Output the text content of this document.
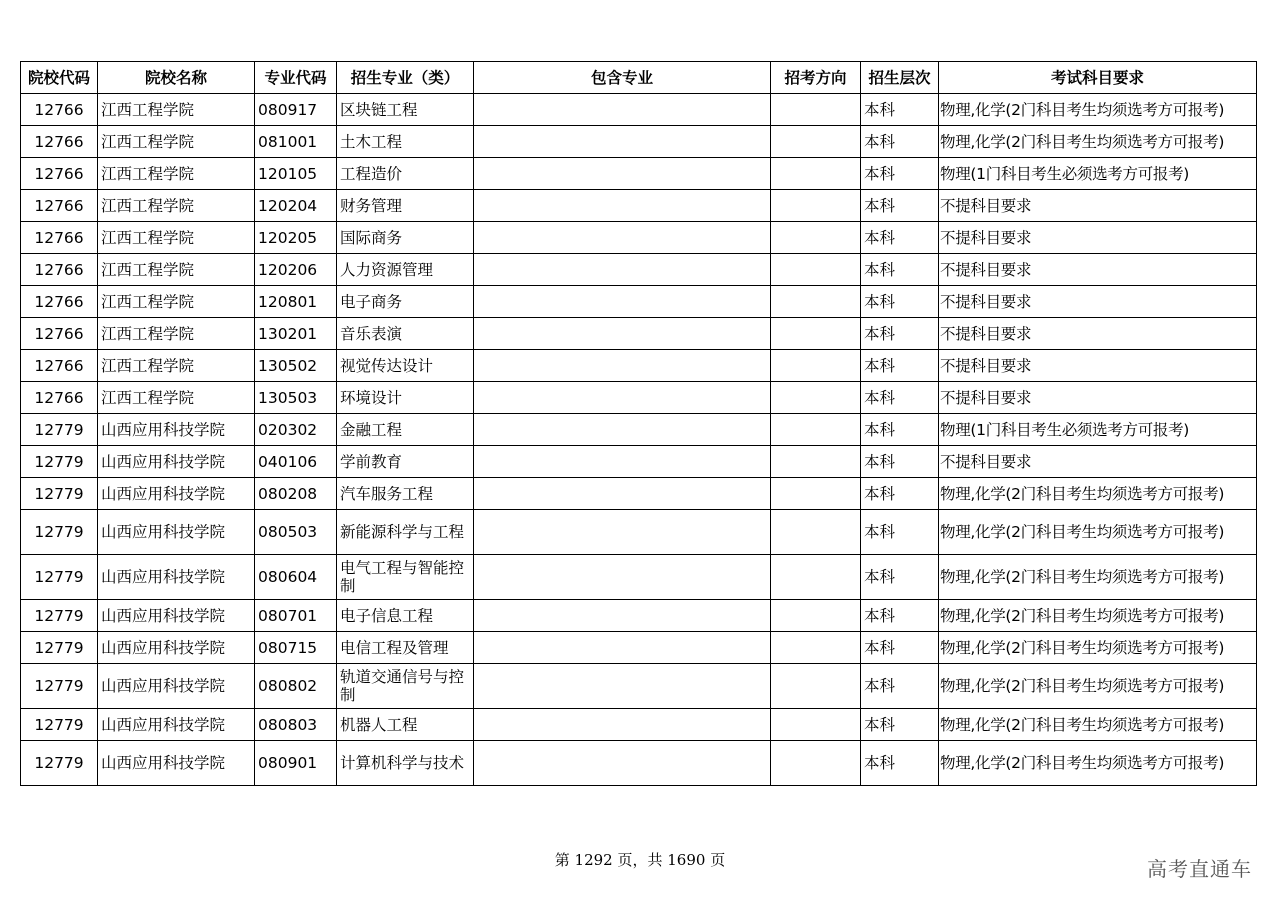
院校代码	院校名称	专业代码	招生专业（类）	包含专业	招考方向	招生层次	考试科目要求
12766	江西工程学院	080917	区块链工程			本科	物理,化学(2门科目考生均须选考方可报考)
12766	江西工程学院	081001	土木工程			本科	物理,化学(2门科目考生均须选考方可报考)
12766	江西工程学院	120105	工程造价			本科	物理(1门科目考生必须选考方可报考)
12766	江西工程学院	120204	财务管理			本科	不提科目要求
12766	江西工程学院	120205	国际商务			本科	不提科目要求
12766	江西工程学院	120206	人力资源管理			本科	不提科目要求
12766	江西工程学院	120801	电子商务			本科	不提科目要求
12766	江西工程学院	130201	音乐表演			本科	不提科目要求
12766	江西工程学院	130502	视觉传达设计			本科	不提科目要求
12766	江西工程学院	130503	环境设计			本科	不提科目要求
12779	山西应用科技学院	020302	金融工程			本科	物理(1门科目考生必须选考方可报考)
12779	山西应用科技学院	040106	学前教育			本科	不提科目要求
12779	山西应用科技学院	080208	汽车服务工程			本科	物理,化学(2门科目考生均须选考方可报考)
12779	山西应用科技学院	080503	新能源科学与工程			本科	物理,化学(2门科目考生均须选考方可报考)
12779	山西应用科技学院	080604	电气工程与智能控制			本科	物理,化学(2门科目考生均须选考方可报考)
12779	山西应用科技学院	080701	电子信息工程			本科	物理,化学(2门科目考生均须选考方可报考)
12779	山西应用科技学院	080715	电信工程及管理			本科	物理,化学(2门科目考生均须选考方可报考)
12779	山西应用科技学院	080802	轨道交通信号与控制			本科	物理,化学(2门科目考生均须选考方可报考)
12779	山西应用科技学院	080803	机器人工程			本科	物理,化学(2门科目考生均须选考方可报考)
12779	山西应用科技学院	080901	计算机科学与技术			本科	物理,化学(2门科目考生均须选考方可报考)
第 1292 页，共 1690 页	高考直通车
